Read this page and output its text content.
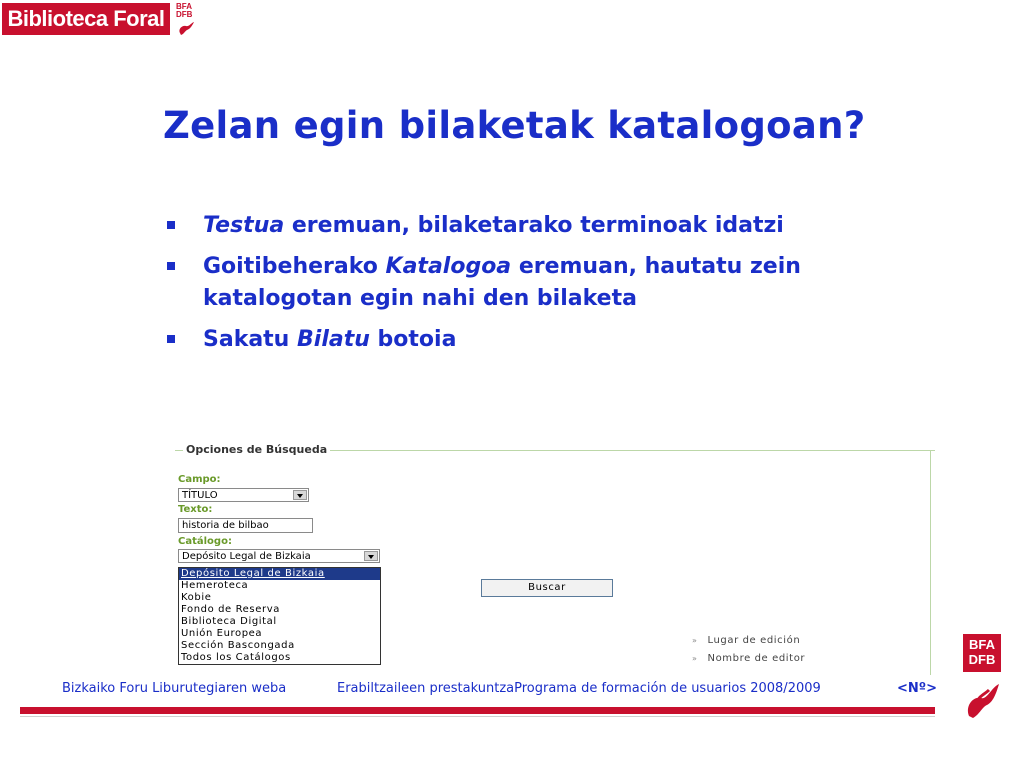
Biblioteca Foral	BFA
DFB
Zelan egin bilaketak katalogoan?
Testua eremuan, bilaketarako terminoak idatzi
Goitibeherako Katalogoa eremuan, hautatu zein katalogotan egin nahi den bilaketa
Sakatu Bilatu botoia
Opciones de Búsqueda
Campo:
TÍTULO
Texto:
historia de bilbao
Catálogo:
Depósito Legal de Bizkaia
Depósito Legal de Bizkaia
Hemeroteca
Kobie
Fondo de Reserva
Biblioteca Digital
Unión Europea
Sección Bascongada
Todos los Catálogos
Buscar
» Lugar de edición
» Nombre de editor
Bizkaiko Foru Liburutegiaren weba	Erabiltzaileen prestakuntzaPrograma de formación de usuarios 2008/2009	<Nº>
BFA
DFB
